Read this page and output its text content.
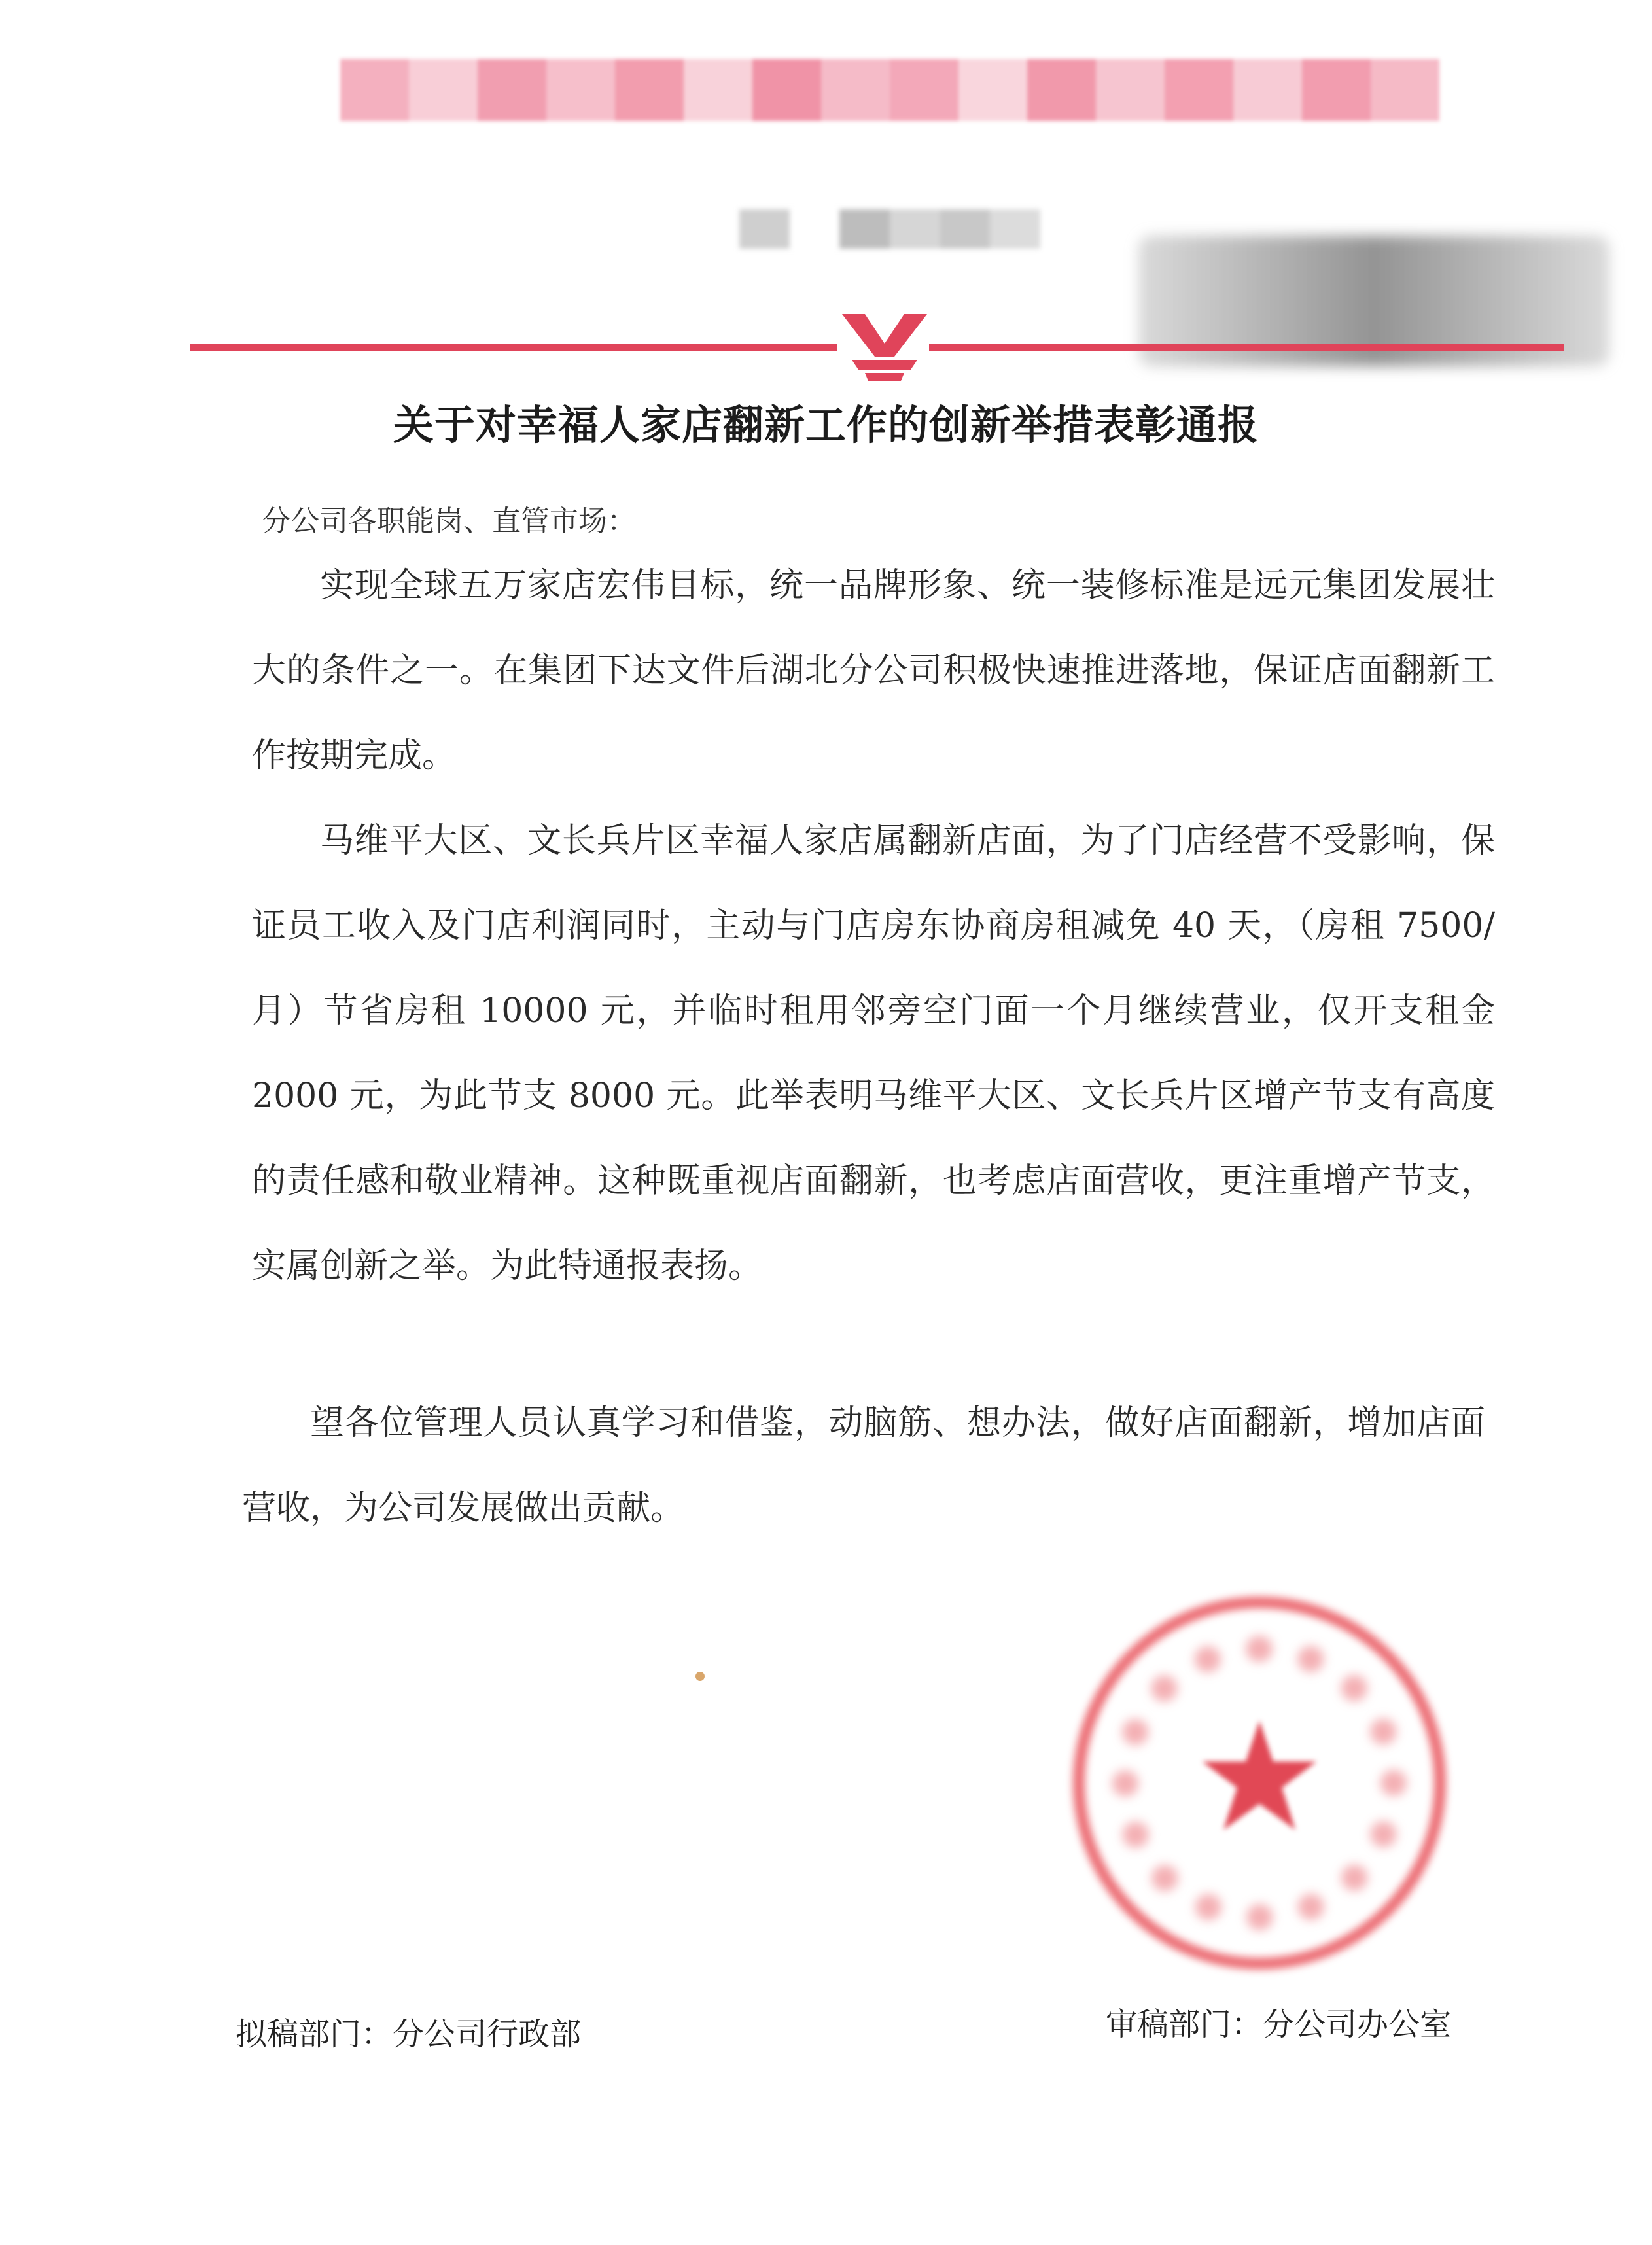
关于对幸福人家店翻新工作的创新举措表彰通报
分公司各职能岗、直管市场：

实现全球五万家店宏伟目标，统一品牌形象、统一装修标准是远元集团发展壮大的条件之一。在集团下达文件后湖北分公司积极快速推进落地，保证店面翻新工作按期完成。

马维平大区、文长兵片区幸福人家店属翻新店面，为了门店经营不受影响，保证员工收入及门店利润同时，主动与门店房东协商房租减免 40 天，（房租 7500/月）节省房租 10000 元，并临时租用邻旁空门面一个月继续营业，仅开支租金 2000 元，为此节支 8000 元。此举表明马维平大区、文长兵片区增产节支有高度的责任感和敬业精神。这种既重视店面翻新，也考虑店面营收，更注重增产节支，实属创新之举。为此特通报表扬。

望各位管理人员认真学习和借鉴，动脑筋、想办法，做好店面翻新，增加店面营收，为公司发展做出贡献。

拟稿部门：分公司行政部	审稿部门：分公司办公室
